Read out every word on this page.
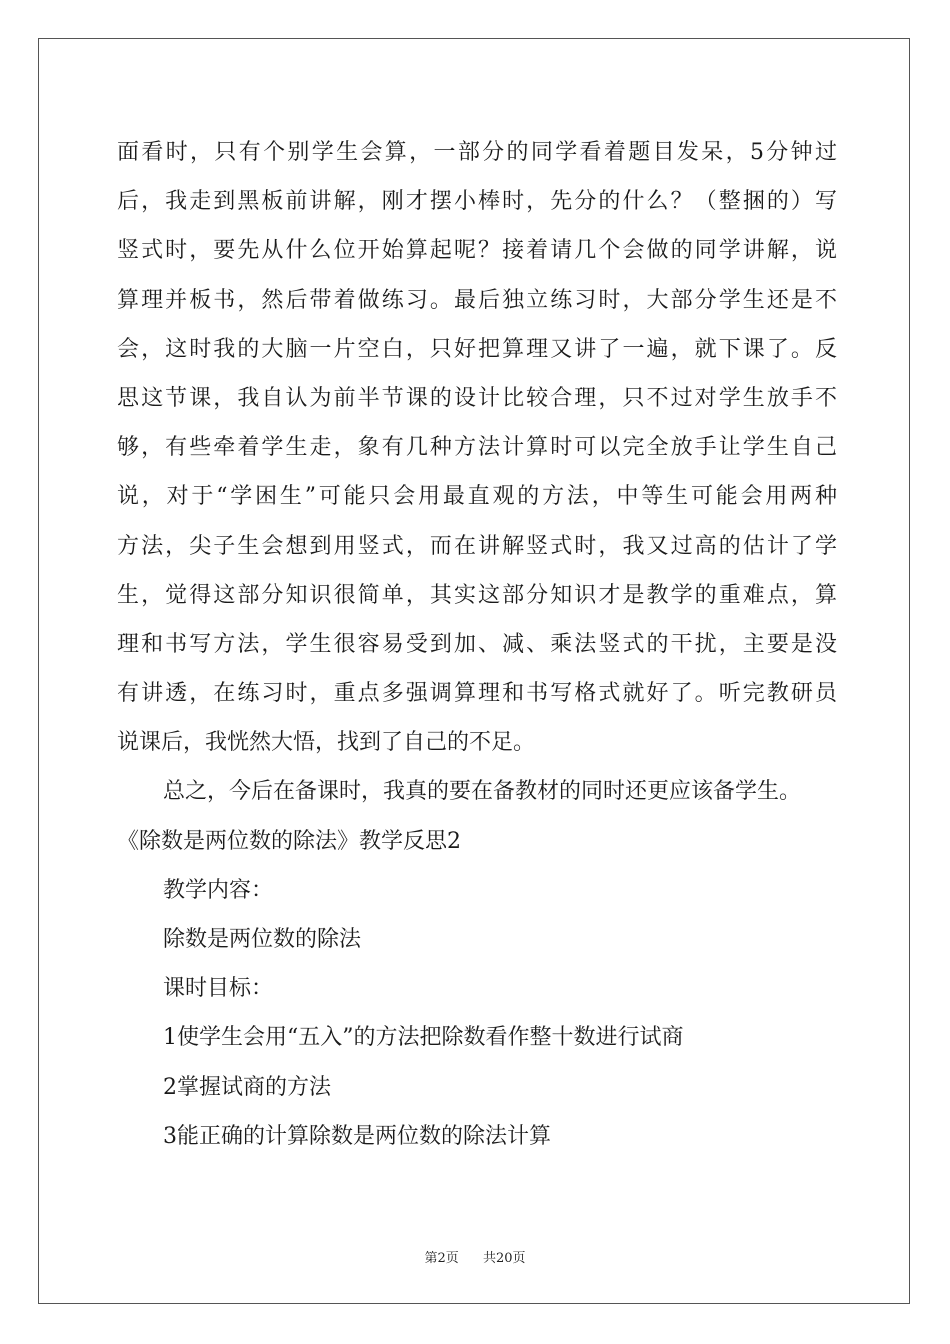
面看时，只有个别学生会算，一部分的同学看着题目发呆，5分钟过
后，我走到黑板前讲解，刚才摆小棒时，先分的什么？（整捆的）写
竖式时，要先从什么位开始算起呢？接着请几个会做的同学讲解，说
算理并板书，然后带着做练习。最后独立练习时，大部分学生还是不
会，这时我的大脑一片空白，只好把算理又讲了一遍，就下课了。反
思这节课，我自认为前半节课的设计比较合理，只不过对学生放手不
够，有些牵着学生走，象有几种方法计算时可以完全放手让学生自己
说，对于“学困生”可能只会用最直观的方法，中等生可能会用两种
方法，尖子生会想到用竖式，而在讲解竖式时，我又过高的估计了学
生，觉得这部分知识很简单，其实这部分知识才是教学的重难点，算
理和书写方法，学生很容易受到加、减、乘法竖式的干扰，主要是没
有讲透，在练习时，重点多强调算理和书写格式就好了。听完教研员
说课后，我恍然大悟，找到了自己的不足。
总之，今后在备课时，我真的要在备教材的同时还更应该备学生。
《除数是两位数的除法》教学反思2
教学内容：
除数是两位数的除法
课时目标：
1使学生会用“五入”的方法把除数看作整十数进行试商
2掌握试商的方法
3能正确的计算除数是两位数的除法计算
第2页 共20页
